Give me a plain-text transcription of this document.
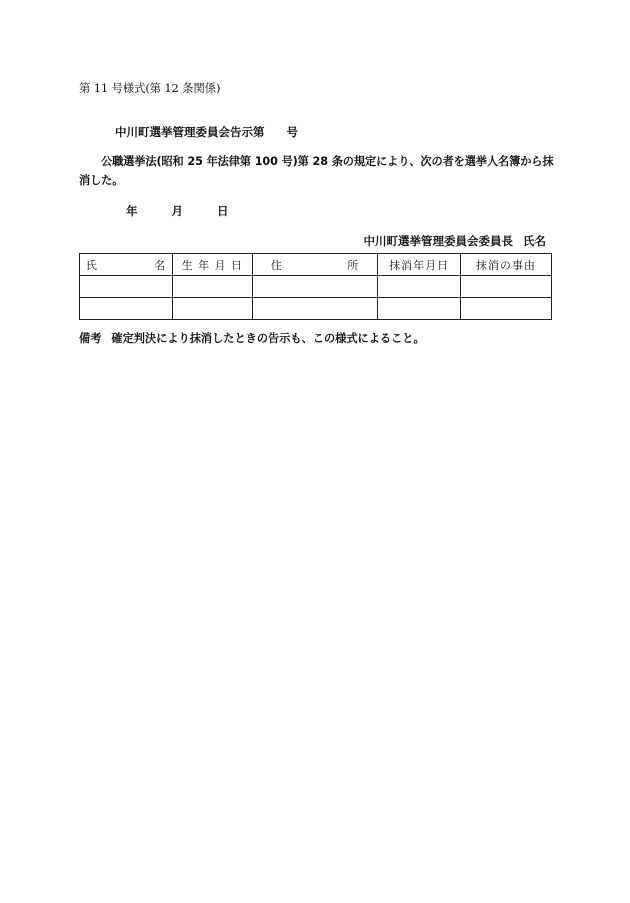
第 11 号様式(第 12 条関係)
中川町選挙管理委員会告示第 号
公職選挙法(昭和 25 年法律第 100 号)第 28 条の規定により、次の者を選挙人名簿から抹消した。
年	月	日
中川町選挙管理委員会委員長 氏名
氏 名	生 年 月 日	住 所	抹消年月日	抹消の事由

備考 確定判決により抹消したときの告示も、この様式によること。
